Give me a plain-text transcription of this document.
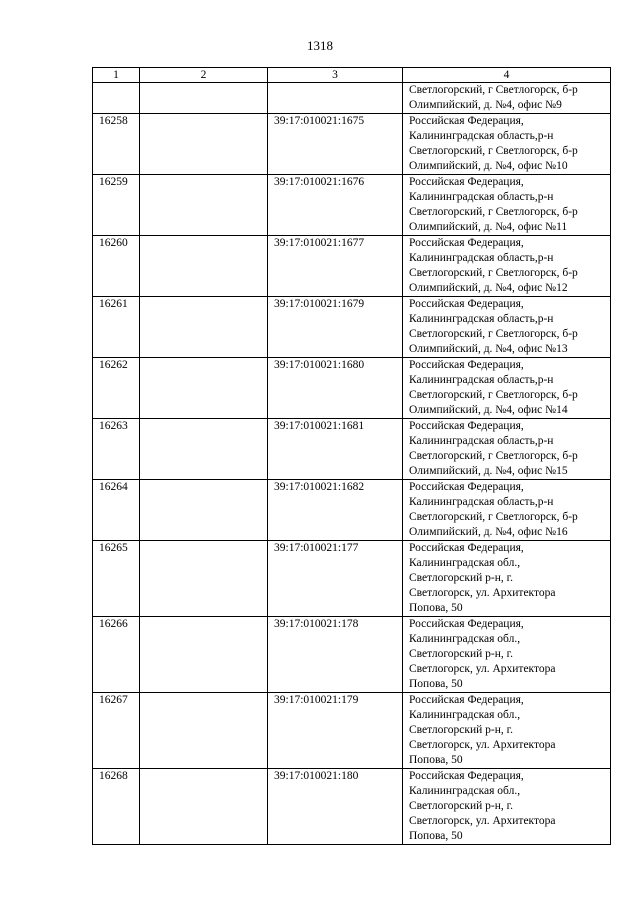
1318
1	2	3	4
			Светлогорский, г Светлогорск, б-р
Олимпийский, д. №4, офис №9
16258		39:17:010021:1675	Российская Федерация,
Калининградская область,р-н
Светлогорский, г Светлогорск, б-р
Олимпийский, д. №4, офис №10
16259		39:17:010021:1676	Российская Федерация,
Калининградская область,р-н
Светлогорский, г Светлогорск, б-р
Олимпийский, д. №4, офис №11
16260		39:17:010021:1677	Российская Федерация,
Калининградская область,р-н
Светлогорский, г Светлогорск, б-р
Олимпийский, д. №4, офис №12
16261		39:17:010021:1679	Российская Федерация,
Калининградская область,р-н
Светлогорский, г Светлогорск, б-р
Олимпийский, д. №4, офис №13
16262		39:17:010021:1680	Российская Федерация,
Калининградская область,р-н
Светлогорский, г Светлогорск, б-р
Олимпийский, д. №4, офис №14
16263		39:17:010021:1681	Российская Федерация,
Калининградская область,р-н
Светлогорский, г Светлогорск, б-р
Олимпийский, д. №4, офис №15
16264		39:17:010021:1682	Российская Федерация,
Калининградская область,р-н
Светлогорский, г Светлогорск, б-р
Олимпийский, д. №4, офис №16
16265		39:17:010021:177	Российская Федерация,
Калининградская обл.,
Светлогорский р-н, г.
Светлогорск, ул. Архитектора
Попова, 50
16266		39:17:010021:178	Российская Федерация,
Калининградская обл.,
Светлогорский р-н, г.
Светлогорск, ул. Архитектора
Попова, 50
16267		39:17:010021:179	Российская Федерация,
Калининградская обл.,
Светлогорский р-н, г.
Светлогорск, ул. Архитектора
Попова, 50
16268		39:17:010021:180	Российская Федерация,
Калининградская обл.,
Светлогорский р-н, г.
Светлогорск, ул. Архитектора
Попова, 50
